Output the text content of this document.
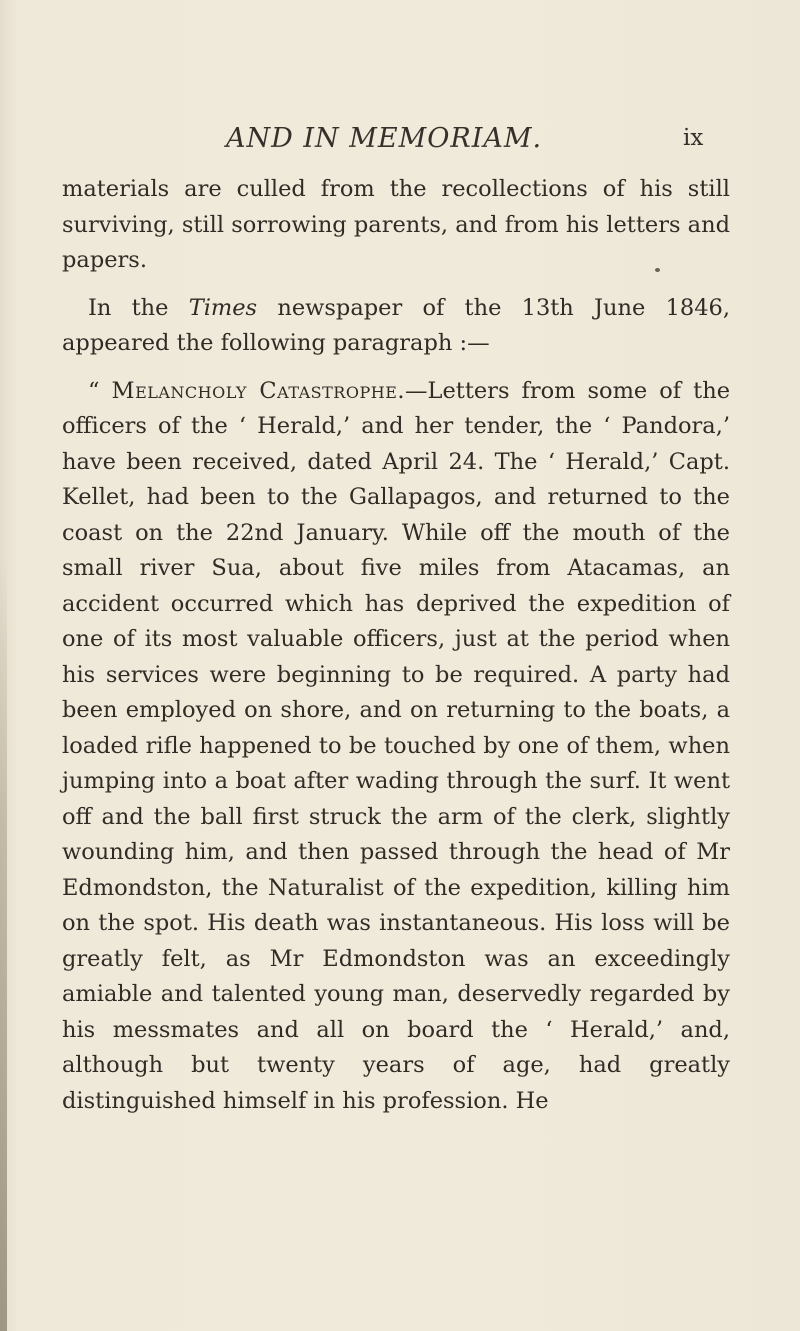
AND IN MEMORIAM.	ix

materials are culled from the recollections of his still surviving, still sorrowing parents, and from his letters and papers.

In the Times newspaper of the 13th June 1846, appeared the following paragraph :—

“ Melancholy Catastrophe.—Letters from some of the officers of the ‘ Herald,’ and her tender, the ‘ Pandora,’ have been received, dated April 24. The ‘ Herald,’ Capt. Kellet, had been to the Gallapagos, and returned to the coast on the 22nd January. While off the mouth of the small river Sua, about five miles from Atacamas, an accident occurred which has deprived the expedition of one of its most valuable officers, just at the period when his services were beginning to be required. A party had been employed on shore, and on returning to the boats, a loaded rifle happened to be touched by one of them, when jumping into a boat after wading through the surf. It went off and the ball first struck the arm of the clerk, slightly wounding him, and then passed through the head of Mr Edmondston, the Naturalist of the expedition, killing him on the spot. His death was instantaneous. His loss will be greatly felt, as Mr Edmondston was an exceedingly amiable and talented young man, deservedly regarded by his messmates and all on board the ‘ Herald,’ and, although but twenty years of age, had greatly distinguished himself in his profession. He
